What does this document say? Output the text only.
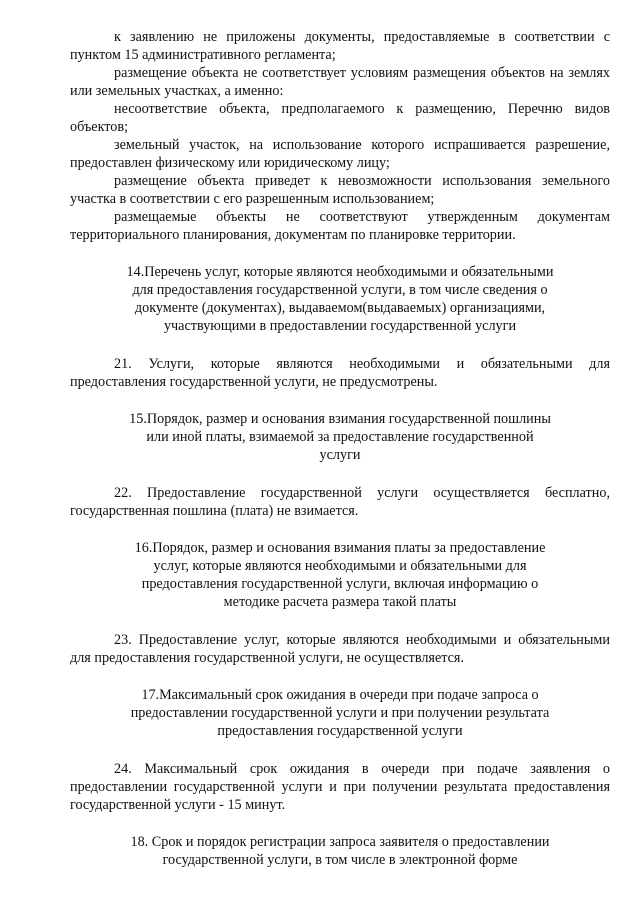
к заявлению не приложены документы, предоставляемые в соответствии с пунктом 15 административного регламента;

размещение объекта не соответствует условиям размещения объектов на землях или земельных участках, а именно:

несоответствие объекта, предполагаемого к размещению, Перечню видов объектов;

земельный участок, на использование которого испрашивается разрешение, предоставлен физическому или юридическому лицу;

размещение объекта приведет к невозможности использования земельного участка в соответствии с его разрешенным использованием;

размещаемые объекты не соответствуют утвержденным документам территориального планирования, документам по планировке территории.

14.Перечень услуг, которые являются необходимыми и обязательными
для предоставления государственной услуги, в том числе сведения о
документе (документах), выдаваемом(выдаваемых) организациями,
участвующими в предоставлении государственной услуги

21. Услуги, которые являются необходимыми и обязательными для предоставления государственной услуги, не предусмотрены.

15.Порядок, размер и основания взимания государственной пошлины
или иной платы, взимаемой за предоставление государственной
услуги

22. Предоставление государственной услуги осуществляется бесплатно, государственная пошлина (плата) не взимается.

16.Порядок, размер и основания взимания платы за предоставление
услуг, которые являются необходимыми и обязательными для
предоставления государственной услуги, включая информацию о
методике расчета размера такой платы

23. Предоставление услуг, которые являются необходимыми и обязательными для предоставления государственной услуги, не осуществляется.

17.Максимальный срок ожидания в очереди при подаче запроса о
предоставлении государственной услуги и при получении результата
предоставления государственной услуги

24. Максимальный срок ожидания в очереди при подаче заявления о предоставлении государственной услуги и при получении результата предоставления государственной услуги - 15 минут.

18. Срок и порядок регистрации запроса заявителя о предоставлении
государственной услуги, в том числе в электронной форме
